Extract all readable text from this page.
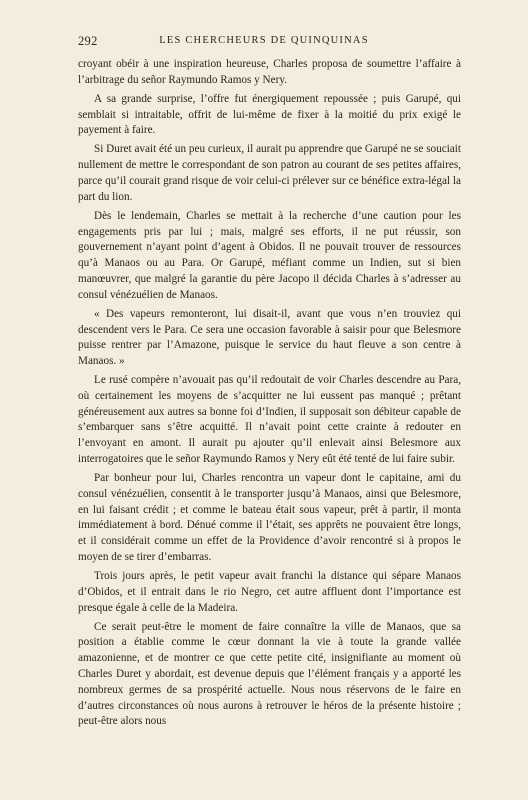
292	LES CHERCHEURS DE QUINQUINAS

croyant obéir à une inspiration heureuse, Charles proposa de soumettre l’affaire à l’arbitrage du señor Raymundo Ramos y Nery.

A sa grande surprise, l’offre fut énergiquement repoussée ; puis Garupé, qui semblait si intraitable, offrit de lui-même de fixer à la moitié du prix exigé le payement à faire.

Si Duret avait été un peu curieux, il aurait pu apprendre que Garupé ne se souciait nullement de mettre le correspondant de son patron au courant de ses petites affaires, parce qu’il courait grand risque de voir celui-ci prélever sur ce bénéfice extra-légal la part du lion.

Dès le lendemain, Charles se mettait à la recherche d’une caution pour les engagements pris par lui ; mais, malgré ses efforts, il ne put réussir, son gouvernement n’ayant point d’agent à Obidos. Il ne pouvait trouver de ressources qu’à Manaos ou au Para. Or Garupé, méfiant comme un Indien, sut si bien manœuvrer, que malgré la garantie du père Jacopo il décida Charles à s’adresser au consul vénézuélien de Manaos.

« Des vapeurs remonteront, lui disait-il, avant que vous n’en trouviez qui descendent vers le Para. Ce sera une occasion favorable à saisir pour que Belesmore puisse rentrer par l’Amazone, puisque le service du haut fleuve a son centre à Manaos. »

Le rusé compère n’avouait pas qu’il redoutait de voir Charles descendre au Para, où certainement les moyens de s’acquitter ne lui eussent pas manqué ; prêtant généreusement aux autres sa bonne foi d’Indien, il supposait son débiteur capable de s’embarquer sans s’être acquitté. Il n’avait point cette crainte à redouter en l’envoyant en amont. Il aurait pu ajouter qu’il enlevait ainsi Belesmore aux interrogatoires que le señor Raymundo Ramos y Nery eût été tenté de lui faire subir.

Par bonheur pour lui, Charles rencontra un vapeur dont le capitaine, ami du consul vénézuélien, consentit à le transporter jusqu’à Manaos, ainsi que Belesmore, en lui faisant crédit ; et comme le bateau était sous vapeur, prêt à partir, il monta immédiatement à bord. Dénué comme il l’était, ses apprêts ne pouvaient être longs, et il considérait comme un effet de la Providence d’avoir rencontré si à propos le moyen de se tirer d’embarras.

Trois jours après, le petit vapeur avait franchi la distance qui sépare Manaos d’Obidos, et il entrait dans le rio Negro, cet autre affluent dont l’importance est presque égale à celle de la Madeira.

Ce serait peut-être le moment de faire connaître la ville de Manaos, que sa position a établie comme le cœur donnant la vie à toute la grande vallée amazonienne, et de montrer ce que cette petite cité, insignifiante au moment où Charles Duret y abordait, est devenue depuis que l’élément français y a apporté les nombreux germes de sa prospérité actuelle. Nous nous réservons de le faire en d’autres circonstances où nous aurons à retrouver le héros de la présente histoire ; peut-être alors nous
